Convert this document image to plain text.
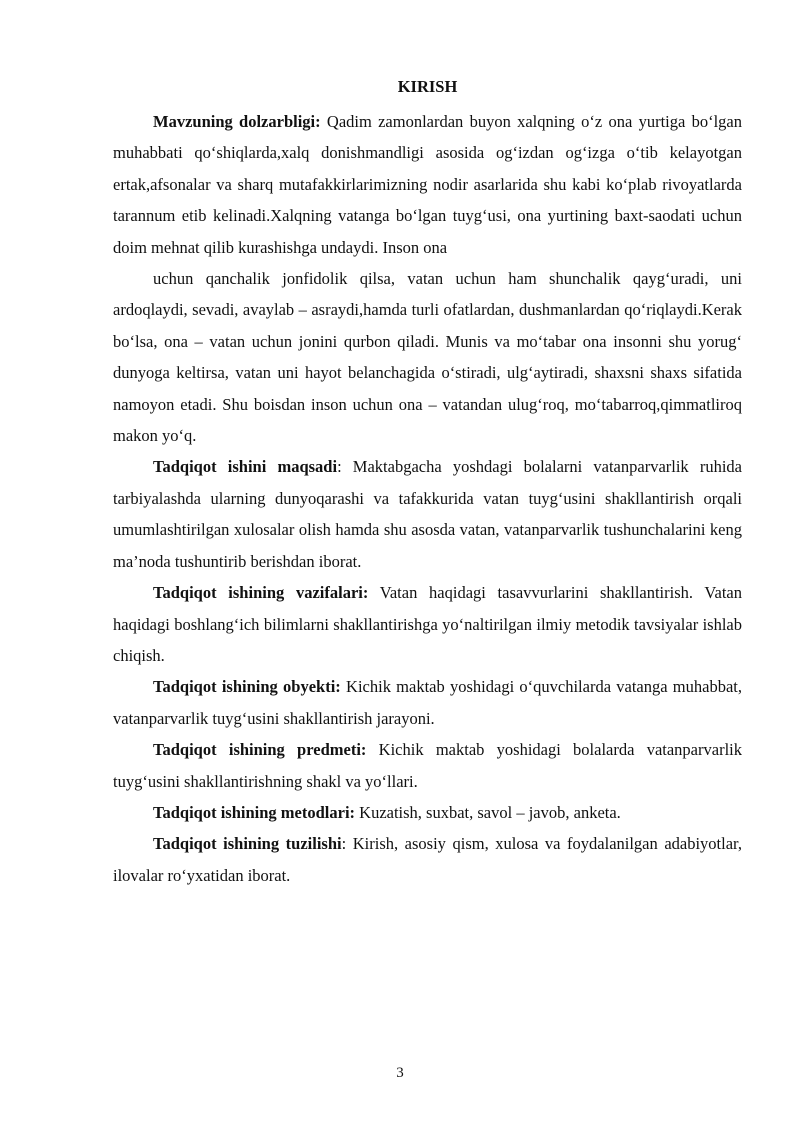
KIRISH

Mavzuning dolzarbligi: Qadim zamonlardan buyon xalqning o‘z ona yurtiga bo‘lgan muhabbati qo‘shiqlarda,xalq donishmandligi asosida og‘izdan og‘izga o‘tib kelayotgan ertak,afsonalar va sharq mutafakkirlarimizning nodir asarlarida shu kabi ko‘plab rivoyatlarda tarannum etib kelinadi.Xalqning vatanga bo‘lgan tuyg‘usi, ona yurtining baxt-saodati uchun doim mehnat qilib kurashishga undaydi. Inson ona

uchun qanchalik jonfidolik qilsa, vatan uchun ham shunchalik qayg‘uradi, uni ardoqlaydi, sevadi, avaylab – asraydi,hamda turli ofatlardan, dushmanlardan qo‘riqlaydi.Kerak bo‘lsa, ona – vatan uchun jonini qurbon qiladi. Munis va mo‘tabar ona insonni shu yorug‘ dunyoga keltirsa, vatan uni hayot belanchagida o‘stiradi, ulg‘aytiradi, shaxsni shaxs sifatida namoyon etadi. Shu boisdan inson uchun ona – vatandan ulug‘roq, mo‘tabarroq,qimmatliroq makon yo‘q.

Tadqiqot ishini maqsadi: Maktabgacha yoshdagi bolalarni vatanparvarlik ruhida tarbiyalashda ularning dunyoqarashi va tafakkurida vatan tuyg‘usini shakllantirish orqali umumlashtirilgan xulosalar olish hamda shu asosda vatan, vatanparvarlik tushunchalarini keng ma’noda tushuntirib berishdan iborat.

Tadqiqot ishining vazifalari: Vatan haqidagi tasavvurlarini shakllantirish. Vatan haqidagi boshlang‘ich bilimlarni shakllantirishga yo‘naltirilgan ilmiy metodik tavsiyalar ishlab chiqish.

Tadqiqot ishining obyekti: Kichik maktab yoshidagi o‘quvchilarda vatanga muhabbat, vatanparvarlik tuyg‘usini shakllantirish jarayoni.

Tadqiqot ishining predmeti: Kichik maktab yoshidagi bolalarda vatanparvarlik tuyg‘usini shakllantirishning shakl va yo‘llari.

Tadqiqot ishining metodlari: Kuzatish, suxbat, savol – javob, anketa.

Tadqiqot ishining tuzilishi: Kirish, asosiy qism, xulosa va foydalanilgan adabiyotlar, ilovalar ro‘yxatidan iborat.

3
